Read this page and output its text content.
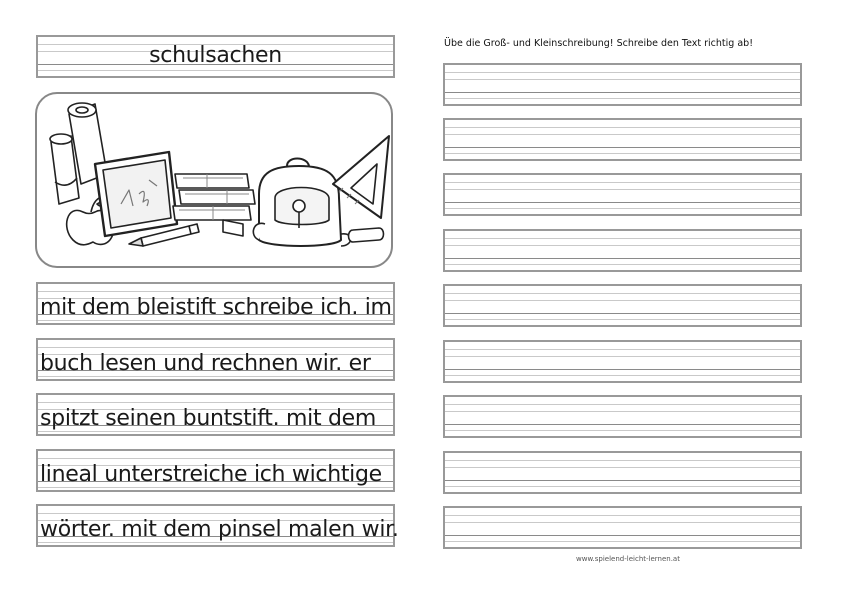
schulsachen
mit dem bleistift schreibe ich. im
buch lesen und rechnen wir. er
spitzt seinen buntstift. mit dem
lineal unterstreiche ich wichtige
wörter. mit dem pinsel malen wir.
Übe die Groß- und Kleinschreibung! Schreibe den Text richtig ab!
www.spielend-leicht-lernen.at
